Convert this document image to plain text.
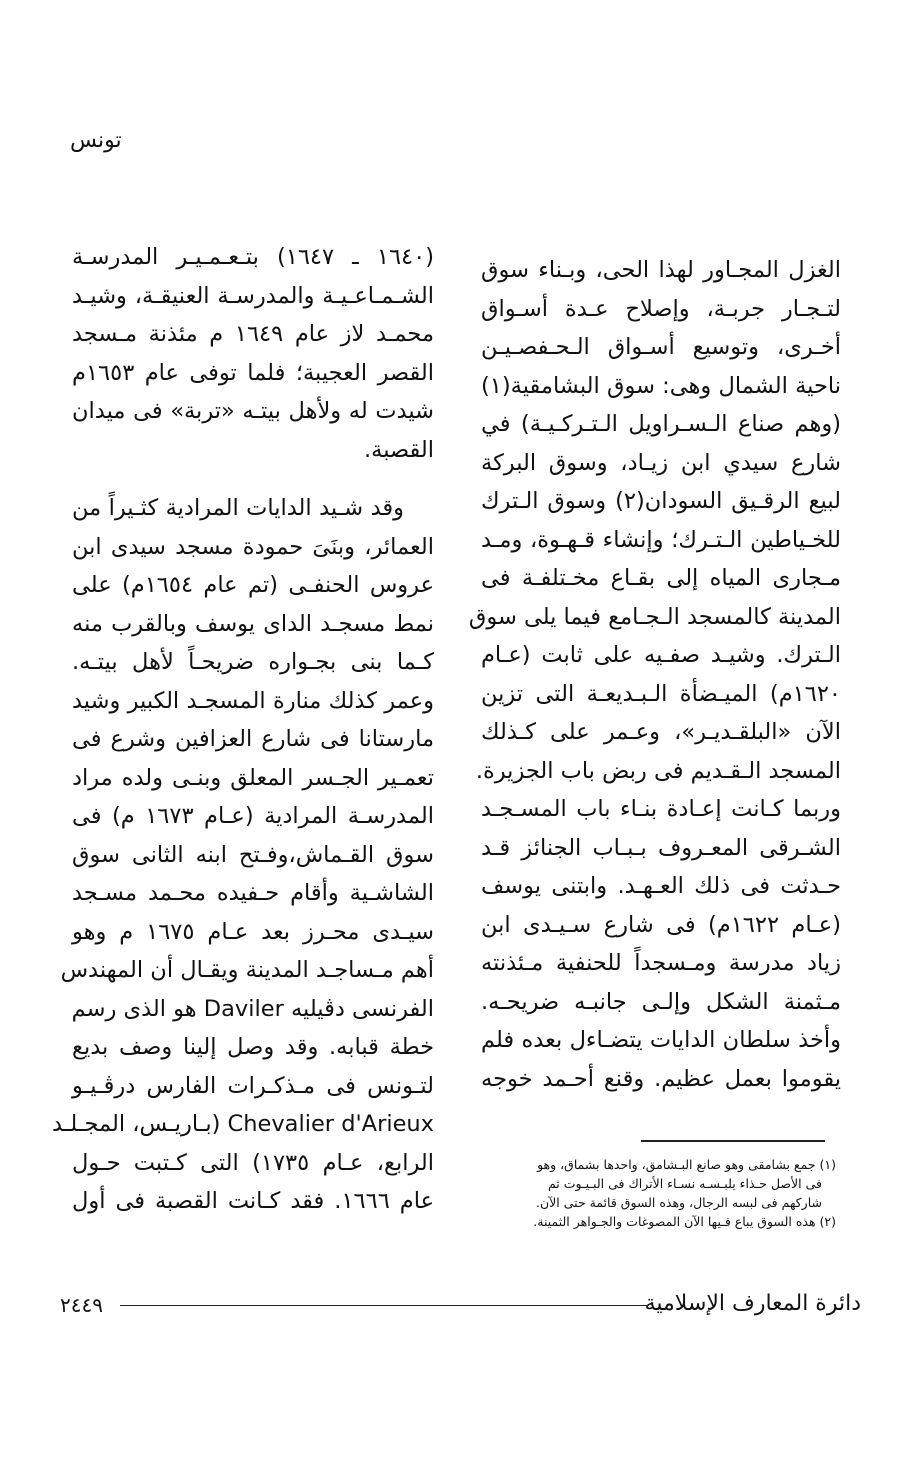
تونس
الغزل المجـاور لهذا الحى، وبـناء سوق
لتـجـار جربـة، وإصلاح عـدة أسـواق
أخـرى، وتوسيع أسـواق الـحـفصـيـن
ناحية الشمال وهى: سوق البشامقية(١)
(وهم صناع الـسـراويل الـتـركـيـة) في
شارع سيدي ابن زيـاد، وسوق البركة
لبيع الرقـيق السودان(٢) وسوق الـترك
للخـياطين الـتـرك؛ وإنشاء قـهـوة، ومـد
مـجارى المياه إلى بقـاع مخـتلفـة فى
المدينة كالمسجد الـجـامع فيما يلى سوق
الـترك. وشيـد صفـيه على ثابت (عـام
١٦٢٠م) الميـضأة الـبـديعـة التى تزين
الآن «البلقـديـر»، وعـمر على كـذلك
المسجد الـقـديم فى ربض باب الجزيرة.
وربما كـانت إعـادة بنـاء باب المسـجـد
الشـرقى المعـروف بـبـاب الجنائز قـد
حـدثت فى ذلك العـهـد. وابتنى يوسف
(عـام ١٦٢٢م) فى شارع سـيـدى ابن
زياد مدرسة ومـسجداً للحنفية مـئذنته
مـثمنة الشكل وإلـى جانبـه ضريحـه.
وأخذ سلطان الدايات يتضـاءل بعده فلم
يقوموا بعمل عظيم. وقنع أحـمد خوجه
(١٦٤٠ ـ ١٦٤٧) بتـعـمـيـر المدرسـة
الشـمـاعـيـة والمدرسـة العنيقـة، وشيـد
محمـد لاز عام ١٦٤٩ م مئذنة مـسجد
القصر العجيبة؛ فلما توفى عام ١٦٥٣م
شيدت له ولأهل بيتـه «تربة» فى ميدان
القصبة.
وقد شـيد الدايات المرادية كثـيراً من
العمائر، وبنَىَ حمودة مسجد سيدى ابن
عروس الحنفـى (تم عام ١٦٥٤م) على
نمط مسجـد الداى يوسف وبالقرب منه
كـما بنى بجـواره ضريحـاً لأهل بيتـه.
وعمر كذلك منارة المسجـد الكبير وشيد
مارستانا فى شارع العزافين وشرع فى
تعمـير الجـسر المعلق وبنـى ولده مراد
المدرسـة المرادية (عـام ١٦٧٣ م) فى
سوق القـماش،وفـتح ابنه الثانى سوق
الشاشـية وأقام حـفيده محـمد مسـجد
سيـدى محـرز بعد عـام ١٦٧٥ م وهو
أهم مـساجـد المدينة ويقـال أن المهندس
الفرنسى دڤيليه Daviler هو الذى رسم
خطة قبابه. وقد وصل إلينا وصف بديع
لتـونس فى مـذكـرات الفارس درڤـيـو
Chevalier d'Arieux (بـاريـس، المجـلـد
الرابع، عـام ١٧٣٥) التى كـتبت حـول
عام ١٦٦٦. فقد كـانت القصبة فى أول

(١) جمع بشامقى وهو صانع البـشامق، واحدها بشماق، وهو

فى الأصل حـذاء يلبـسـه نسـاء الأتراك فى البـيـوت ثم

شاركهم فى لبسه الرجال، وهذه السوق قائمة حتى الآن.

(٢) هذه السوق يباع فـيها الآن المصوغات والجـواهر الثمينة.

دائرة المعارف الإسلامية
٢٤٤٩
